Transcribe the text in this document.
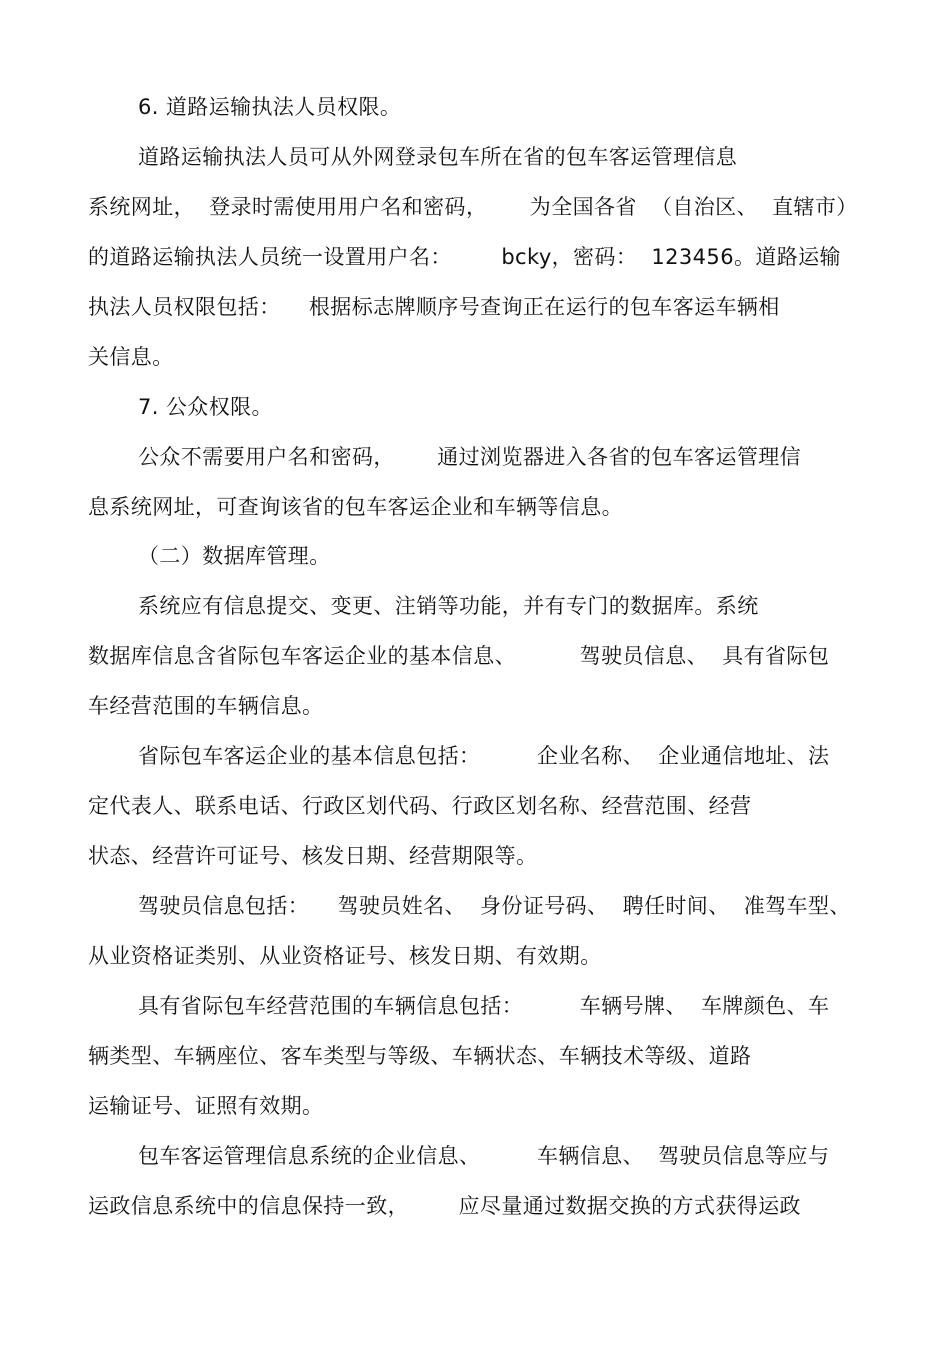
6. 道路运输执法人员权限。
道路运输执法人员可从外网登录包车所在省的包车客运管理信息
系统网址，  登录时需使用用户名和密码，      为全国各省  （自治区、  直辖市）
的道路运输执法人员统一设置用户名：       bcky，密码：  123456。道路运输
执法人员权限包括：    根据标志牌顺序号查询正在运行的包车客运车辆相
关信息。
7. 公众权限。
公众不需要用户名和密码，      通过浏览器进入各省的包车客运管理信
息系统网址，可查询该省的包车客运企业和车辆等信息。
（二）数据库管理。
系统应有信息提交、变更、注销等功能，并有专门的数据库。系统
数据库信息含省际包车客运企业的基本信息、         驾驶员信息、  具有省际包
车经营范围的车辆信息。
省际包车客运企业的基本信息包括：        企业名称、  企业通信地址、法
定代表人、联系电话、行政区划代码、行政区划名称、经营范围、经营
状态、经营许可证号、核发日期、经营期限等。
驾驶员信息包括：    驾驶员姓名、  身份证号码、  聘任时间、  准驾车型、
从业资格证类别、从业资格证号、核发日期、有效期。
具有省际包车经营范围的车辆信息包括：        车辆号牌、  车牌颜色、车
辆类型、车辆座位、客车类型与等级、车辆状态、车辆技术等级、道路
运输证号、证照有效期。
包车客运管理信息系统的企业信息、        车辆信息、  驾驶员信息等应与
运政信息系统中的信息保持一致，       应尽量通过数据交换的方式获得运政
